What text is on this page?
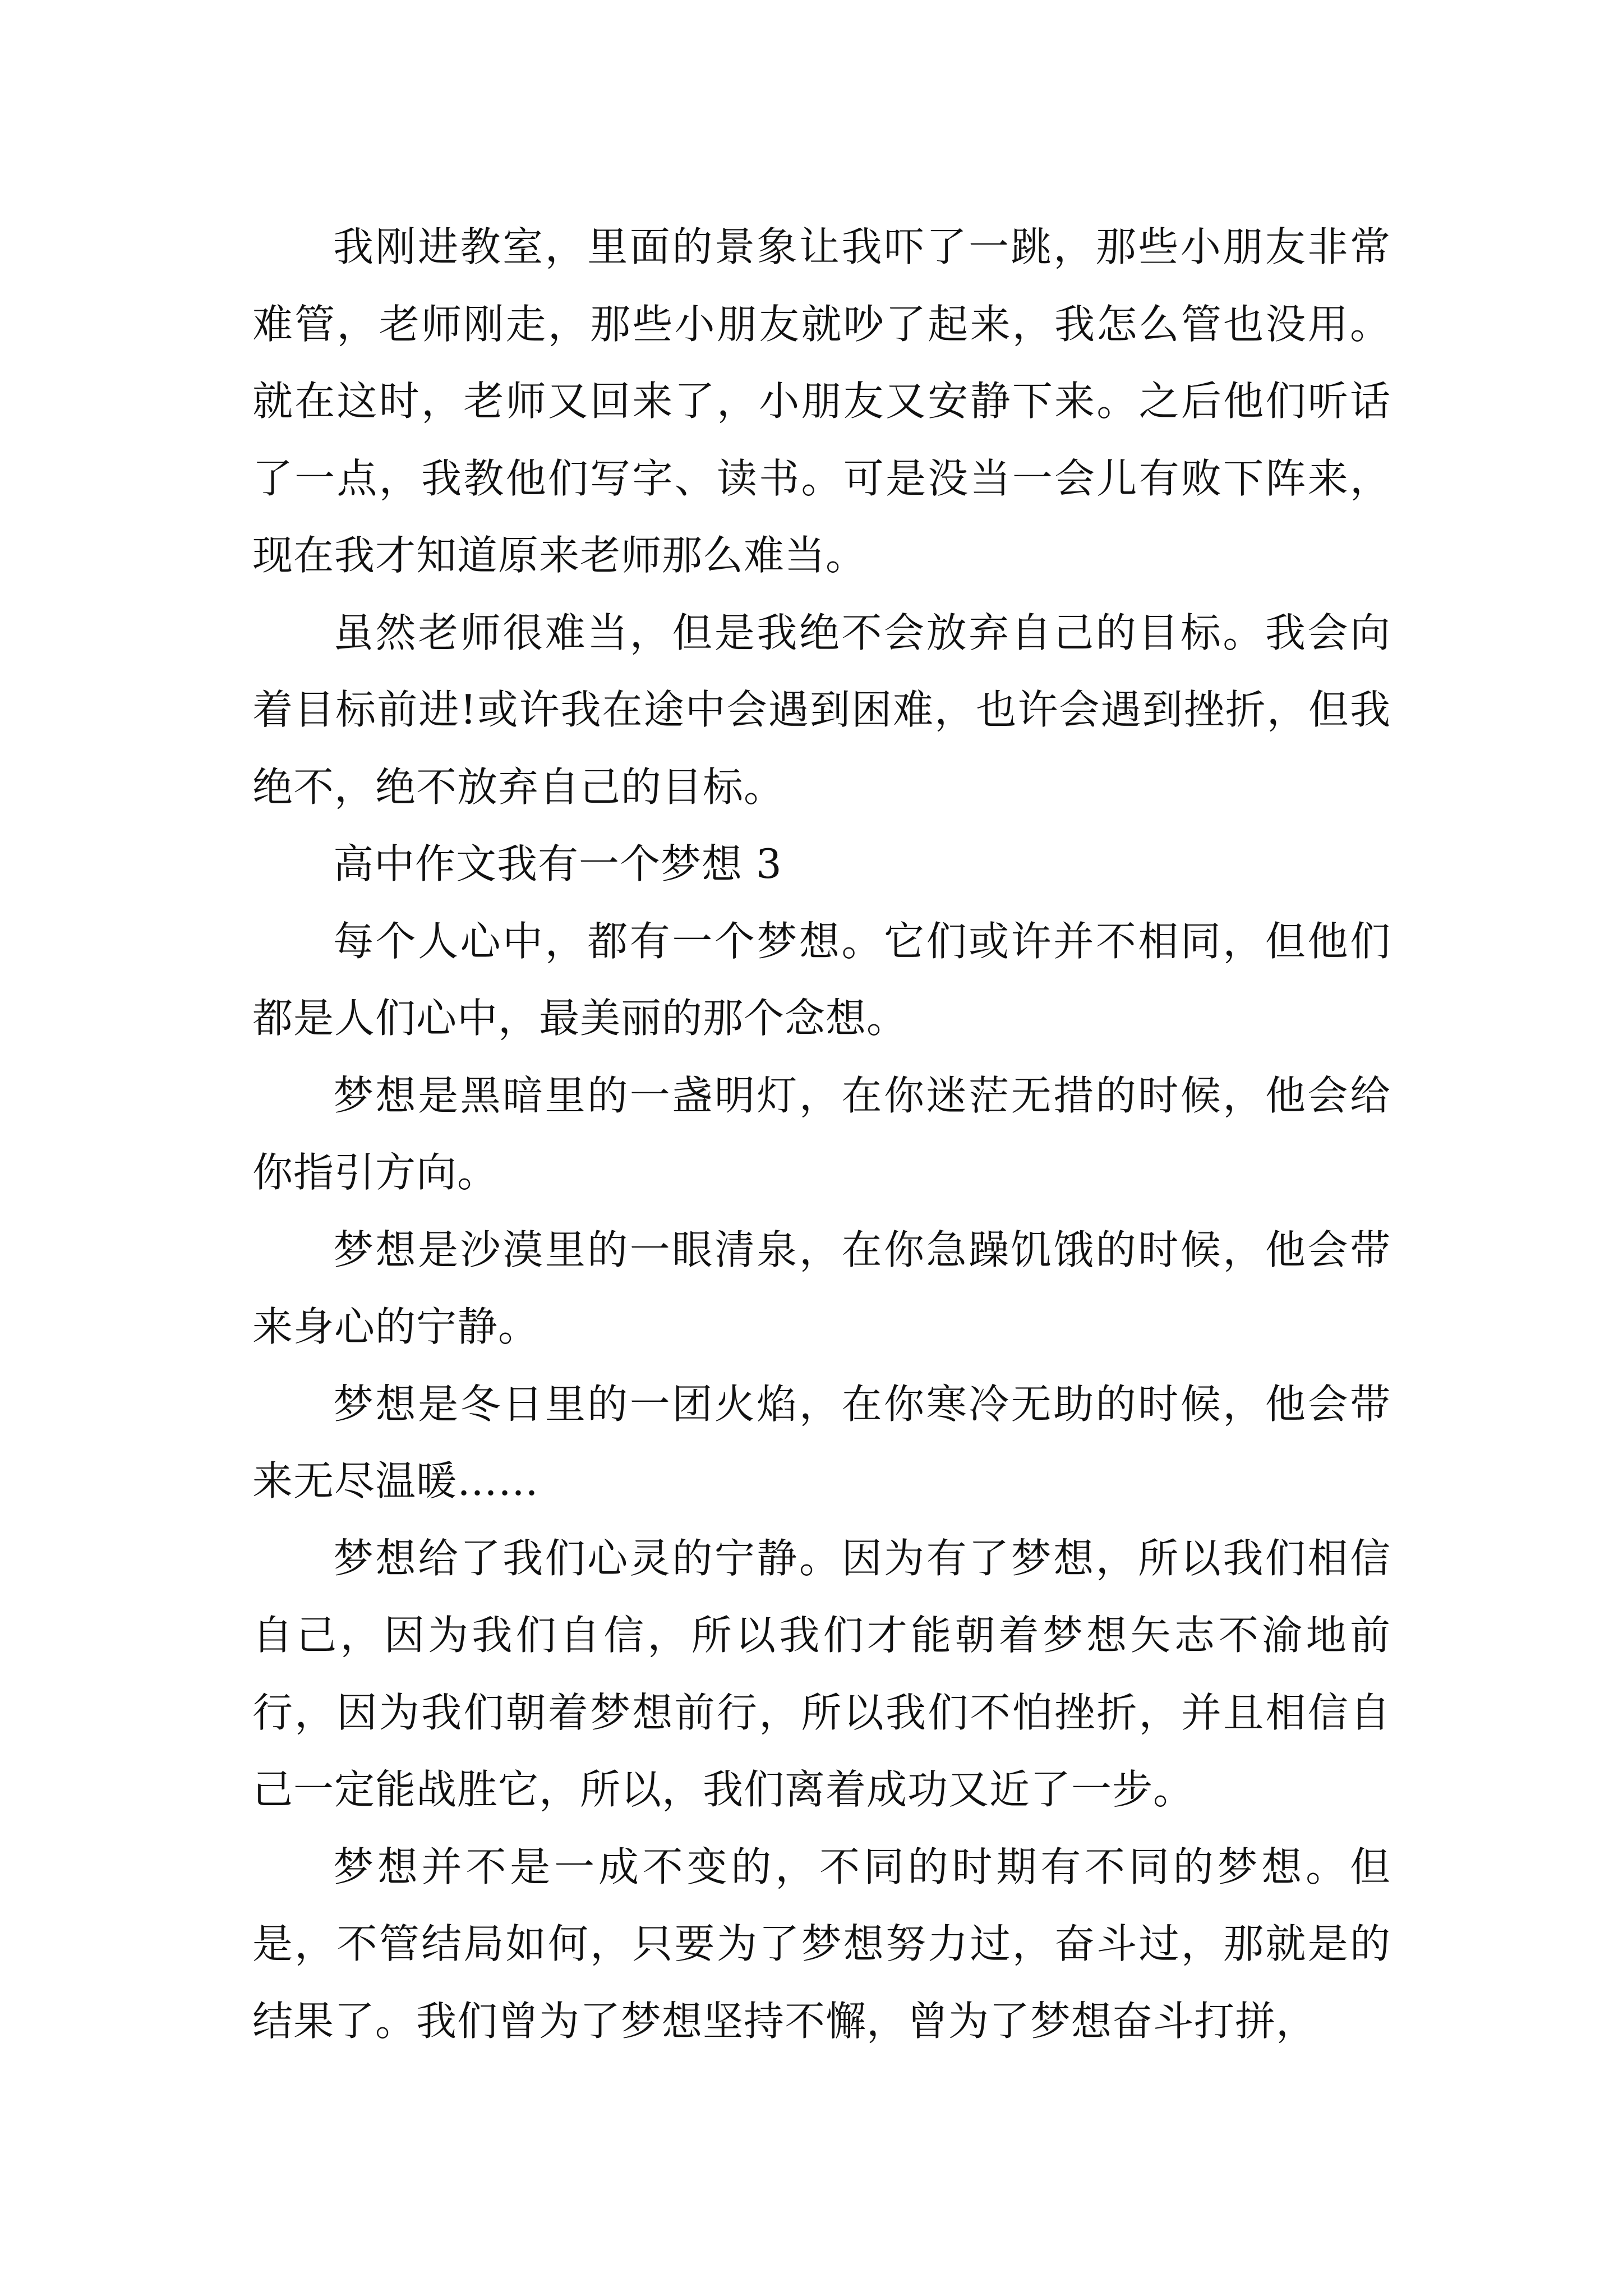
我刚进教室，里面的景象让我吓了一跳，那些小朋友非常难管，老师刚走，那些小朋友就吵了起来，我怎么管也没用。就在这时，老师又回来了，小朋友又安静下来。之后他们听话了一点，我教他们写字、读书。可是没当一会儿有败下阵来，现在我才知道原来老师那么难当。

虽然老师很难当，但是我绝不会放弃自己的目标。我会向着目标前进!或许我在途中会遇到困难，也许会遇到挫折，但我绝不，绝不放弃自己的目标。

高中作文我有一个梦想 3

每个人心中，都有一个梦想。它们或许并不相同，但他们都是人们心中，最美丽的那个念想。

梦想是黑暗里的一盏明灯，在你迷茫无措的时候，他会给你指引方向。

梦想是沙漠里的一眼清泉，在你急躁饥饿的时候，他会带来身心的宁静。

梦想是冬日里的一团火焰，在你寒冷无助的时候，他会带来无尽温暖……

梦想给了我们心灵的宁静。因为有了梦想，所以我们相信自己，因为我们自信，所以我们才能朝着梦想矢志不渝地前行，因为我们朝着梦想前行，所以我们不怕挫折，并且相信自己一定能战胜它，所以，我们离着成功又近了一步。

梦想并不是一成不变的，不同的时期有不同的梦想。但是，不管结局如何，只要为了梦想努力过，奋斗过，那就是的结果了。我们曾为了梦想坚持不懈，曾为了梦想奋斗打拼，
